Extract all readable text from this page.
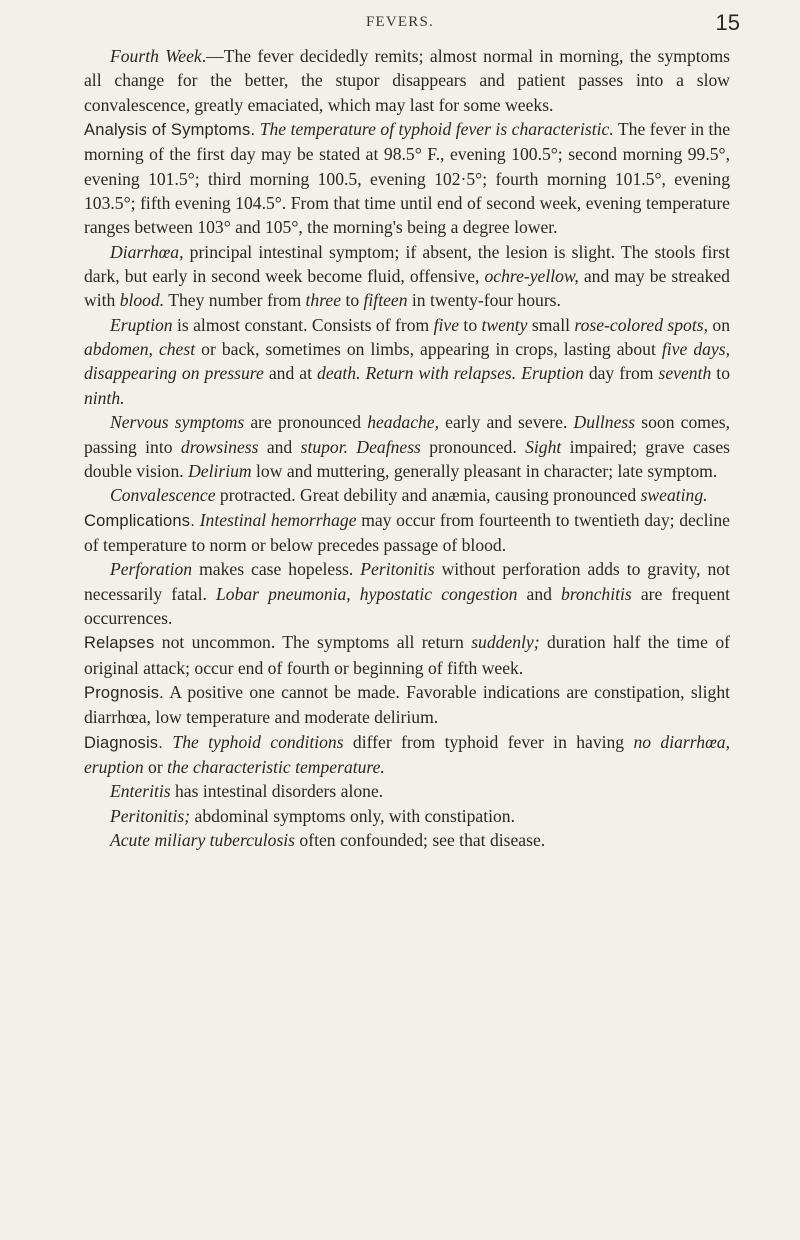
FEVERS.	15

Fourth Week.—The fever decidedly remits; almost normal in morning, the symptoms all change for the better, the stupor disappears and patient passes into a slow convalescence, greatly emaciated, which may last for some weeks.

Analysis of Symptoms. The temperature of typhoid fever is characteristic. The fever in the morning of the first day may be stated at 98.5° F., evening 100.5°; second morning 99.5°, evening 101.5°; third morning 100.5, evening 102·5°; fourth morning 101.5°, evening 103.5°; fifth evening 104.5°. From that time until end of second week, evening temperature ranges between 103° and 105°, the morning's being a degree lower.

Diarrhœa, principal intestinal symptom; if absent, the lesion is slight. The stools first dark, but early in second week become fluid, offensive, ochre-yellow, and may be streaked with blood. They number from three to fifteen in twenty-four hours.

Eruption is almost constant. Consists of from five to twenty small rose-colored spots, on abdomen, chest or back, sometimes on limbs, appearing in crops, lasting about five days, disappearing on pressure and at death. Return with relapses. Eruption day from seventh to ninth.

Nervous symptoms are pronounced headache, early and severe. Dullness soon comes, passing into drowsiness and stupor. Deafness pronounced. Sight impaired; grave cases double vision. Delirium low and muttering, generally pleasant in character; late symptom.

Convalescence protracted. Great debility and anæmia, causing pronounced sweating.

Complications. Intestinal hemorrhage may occur from fourteenth to twentieth day; decline of temperature to norm or below precedes passage of blood.

Perforation makes case hopeless. Peritonitis without perforation adds to gravity, not necessarily fatal. Lobar pneumonia, hypostatic congestion and bronchitis are frequent occurrences.

Relapses not uncommon. The symptoms all return suddenly; duration half the time of original attack; occur end of fourth or beginning of fifth week.

Prognosis. A positive one cannot be made. Favorable indications are constipation, slight diarrhœa, low temperature and moderate delirium.

Diagnosis. The typhoid conditions differ from typhoid fever in having no diarrhœa, eruption or the characteristic temperature.

Enteritis has intestinal disorders alone.

Peritonitis; abdominal symptoms only, with constipation.

Acute miliary tuberculosis often confounded; see that disease.
